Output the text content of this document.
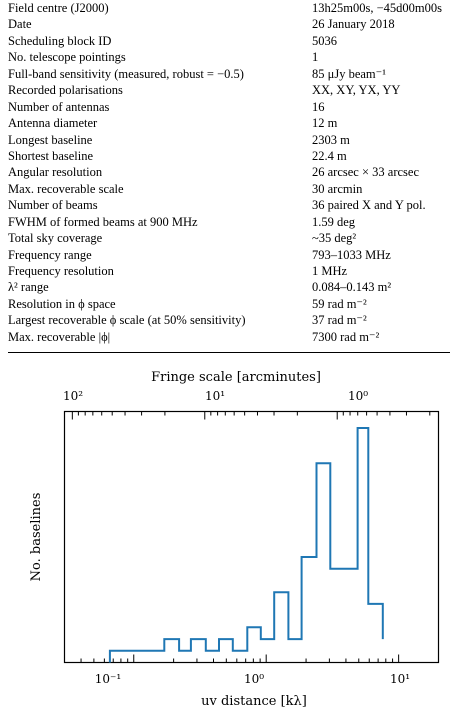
Field centre (J2000)	13h25m00s, −45d00m00s
Date	26 January 2018
Scheduling block ID	5036
No. telescope pointings	1
Full-band sensitivity (measured, robust = −0.5)	85 μJy beam⁻¹
Recorded polarisations	XX, XY, YX, YY
Number of antennas	16
Antenna diameter	12 m
Longest baseline	2303 m
Shortest baseline	22.4 m
Angular resolution	26 arcsec × 33 arcsec
Max. recoverable scale	30 arcmin
Number of beams	36 paired X and Y pol.
FWHM of formed beams at 900 MHz	1.59 deg
Total sky coverage	~35 deg²
Frequency range	793–1033 MHz
Frequency resolution	1 MHz
λ² range	0.084–0.143 m²
Resolution in ϕ space	59 rad m⁻²
Largest recoverable ϕ scale (at 50% sensitivity)	37 rad m⁻²
Max. recoverable |ϕ|	7300 rad m⁻²
Fringe scale [arcminutes]
10²	10¹	10⁰
10⁻¹	10⁰	10¹
uv distance [kλ]
No. baselines
